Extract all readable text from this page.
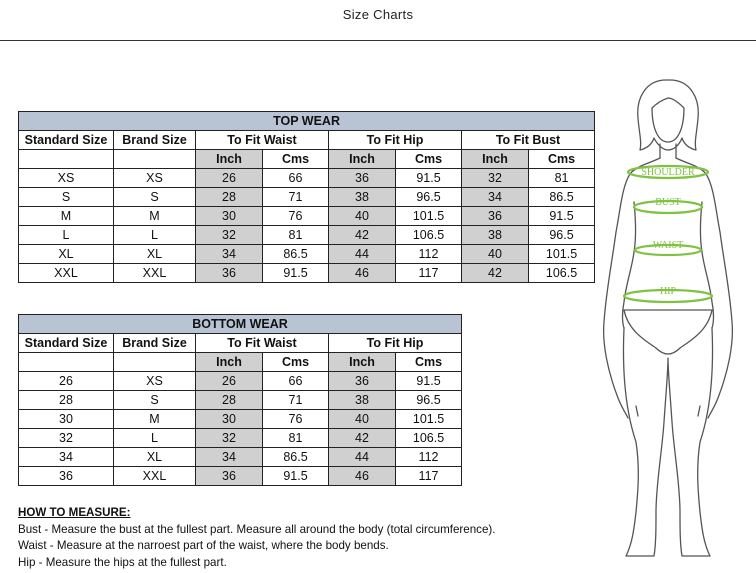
Size Charts
TOP WEAR							
Standard Size	Brand Size	To Fit Waist		To Fit Hip		To Fit Bust	
		Inch	Cms	Inch	Cms	Inch	Cms
XS	XS	26	66	36	91.5	32	81
S	S	28	71	38	96.5	34	86.5
M	M	30	76	40	101.5	36	91.5
L	L	32	81	42	106.5	38	96.5
XL	XL	34	86.5	44	112	40	101.5
XXL	XXL	36	91.5	46	117	42	106.5
BOTTOM WEAR					
Standard Size	Brand Size	To Fit Waist		To Fit Hip	
		Inch	Cms	Inch	Cms
26	XS	26	66	36	91.5
28	S	28	71	38	96.5
30	M	30	76	40	101.5
32	L	32	81	42	106.5
34	XL	34	86.5	44	112
36	XXL	36	91.5	46	117
HOW TO MEASURE:
Bust - Measure the bust at the fullest part. Measure all around the body (total circumference).
Waist - Measure at the narroest part of the waist, where the body bends.
Hip - Measure the hips at the fullest part.
SHOULDER
BUST
WAIST
HIP
